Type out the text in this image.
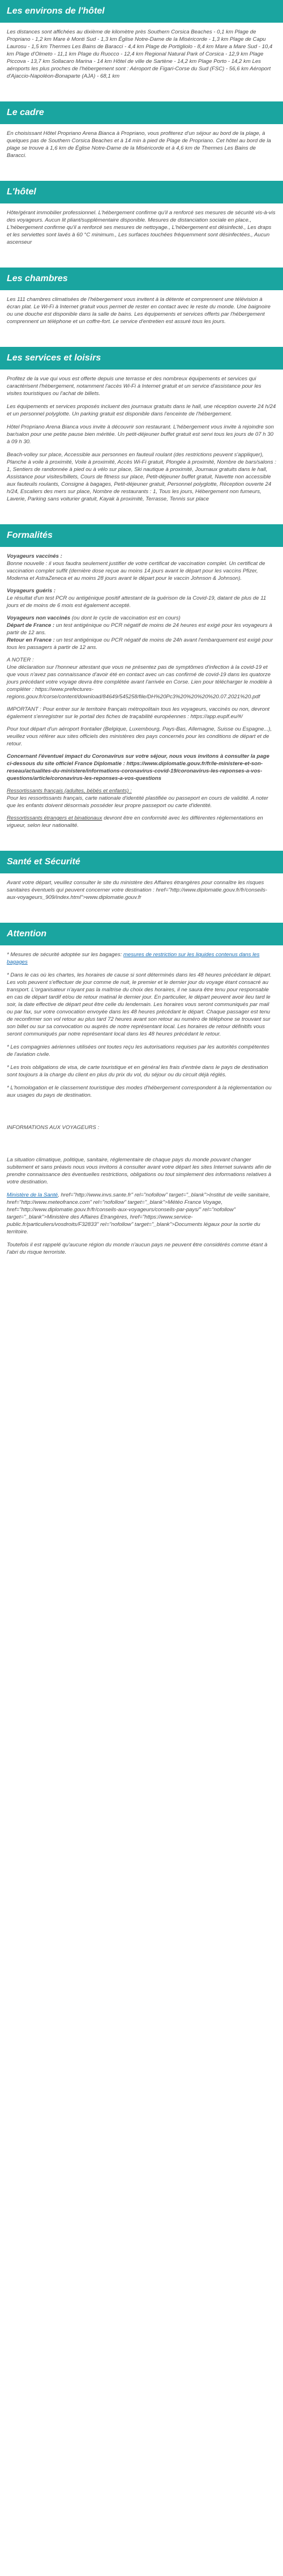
Les environs de l'hôtel

Les distances sont affichées au dixième de kilomètre près Southern Corsica Beaches - 0,1 km Plage de Propriano - 1,2 km Mare è Monti Sud - 1,3 km Église Notre-Dame de la Miséricorde - 1,3 km Plage de Capu Laurosu - 1,5 km Thermes Les Bains de Baracci - 4,4 km Plage de Portigliolo - 8,4 km Mare a Mare Sud - 10,4 km Plage d'Olmeto - 11,1 km Plage du Ruocco - 12,4 km Regional Natural Park of Corsica - 12,9 km Plage Piccova - 13,7 km Sollacaro Marina - 14 km Hôtel de ville de Sartène - 14,2 km Plage Porto - 14,2 km Les aéroports les plus proches de l'hébergement sont : Aéroport de Figari-Corse du Sud (FSC) - 56,6 km Aéroport d'Ajaccio-Napoléon-Bonaparte (AJA) - 68,1 km

Le cadre

En choisissant Hôtel Propriano Arena Bianca à Propriano, vous profiterez d'un séjour au bord de la plage, à quelques pas de Southern Corsica Beaches et à 14 min à pied de Plage de Propriano. Cet hôtel au bord de la plage se trouve à 1,6 km de Église Notre-Dame de la Miséricorde et à 4,6 km de Thermes Les Bains de Baracci.

L'hôtel

Hôte/gérant immobilier professionnel. L'hébergement confirme qu'il a renforcé ses mesures de sécurité vis-à-vis des voyageurs. Aucun lit pliant/supplémentaire disponible. Mesures de distanciation sociale en place., L'hébergement confirme qu'il a renforcé ses mesures de nettoyage., L'hébergement est désinfecté., Les draps et les serviettes sont lavés à 60 °C minimum., Les surfaces touchées fréquemment sont désinfectées., Aucun ascenseur

Les chambres

Les 111 chambres climatisées de l'hébergement vous invitent à la détente et comprennent une télévision à écran plat. Le Wi-Fi à Internet gratuit vous permet de rester en contact avec le reste du monde. Une baignoire ou une douche est disponible dans la salle de bains. Les équipements et services offerts par l'hébergement comprennent un téléphone et un coffre-fort. Le service d'entretien est assuré tous les jours.

Les services et loisirs

Profitez de la vue qui vous est offerte depuis une terrasse et des nombreux équipements et services qui caractérisent l'hébergement, notamment l'accès Wi-Fi à Internet gratuit et un service d'assistance pour les visites touristiques ou l'achat de billets.

Les équipements et services proposés incluent des journaux gratuits dans le hall, une réception ouverte 24 h/24 et un personnel polyglotte. Un parking gratuit est disponible dans l'enceinte de l'hébergement.

Hôtel Propriano Arena Bianca vous invite à découvrir son restaurant. L'hébergement vous invite à rejoindre son bar/salon pour une petite pause bien méritée. Un petit-déjeuner buffet gratuit est servi tous les jours de 07 h 30 à 09 h 30.

Beach-volley sur place, Accessible aux personnes en fauteuil roulant (des restrictions peuvent s'appliquer), Planche à voile à proximité, Voile à proximité, Accès Wi-Fi gratuit, Plongée à proximité, Nombre de bars/salons : 1, Sentiers de randonnée à pied ou à vélo sur place, Ski nautique à proximité, Journaux gratuits dans le hall, Assistance pour visites/billets, Cours de fitness sur place, Petit-déjeuner buffet gratuit, Navette non accessible aux fauteuils roulants, Consigne à bagages, Petit-déjeuner gratuit, Personnel polyglotte, Réception ouverte 24 h/24, Escaliers des mers sur place, Nombre de restaurants : 1, Tous les jours, Hébergement non fumeurs, Laverie, Parking sans voiturier gratuit, Kayak à proximité, Terrasse, Tennis sur place

Formalités
Voyageurs vaccinés :
Bonne nouvelle : il vous faudra seulement justifier de votre certificat de vaccination complet. Un certificat de vaccination complet suffit (dernière dose reçue au moins 14 jours avant le départ pour les vaccins Pfizer, Moderna et AstraZeneca et au moins 28 jours avant le départ pour le vaccin Johnson & Johnson).
Voyageurs guéris :
Le résultat d'un test PCR ou antigénique positif attestant de la guérison de la Covid-19, datant de plus de 11 jours et de moins de 6 mois est également accepté.
Voyageurs non vaccinés (ou dont le cycle de vaccination est en cours)
Départ de France : un test antigénique ou PCR négatif de moins de 24 heures est exigé pour les voyageurs à partir de 12 ans.
Retour en France : un test antigénique ou PCR négatif de moins de 24h avant l'embarquement est exigé pour tous les passagers à partir de 12 ans.
A NOTER :
Une déclaration sur l'honneur attestant que vous ne présentez pas de symptômes d'infection à la covid-19 et que vous n'avez pas connaissance d'avoir été en contact avec un cas confirmé de covid-19 dans les quatorze jours précédant votre voyage devra être complétée avant l'arrivée en Corse. Lien pour télécharger le modèle à compléter : https://www.prefectures-regions.gouv.fr/corse/content/download/84649/545258/file/DH%20Pc3%20%20%20%20.07.2021%20.pdf
IMPORTANT : Pour entrer sur le territoire français métropolitain tous les voyageurs, vaccinés ou non, devront également s'enregistrer sur le portail des fiches de traçabilité européennes : https://app.euplf.eu/#/
Pour tout départ d'un aéroport frontalier (Belgique, Luxembourg, Pays-Bas, Allemagne, Suisse ou Espagne...), veuillez vous référer aux sites officiels des ministères des pays concernés pour les conditions de départ et de retour.
Concernant l'éventuel impact du Coronavirus sur votre séjour, nous vous invitons à consulter la page ci-dessous du site officiel France Diplomatie : https://www.diplomatie.gouv.fr/fr/le-ministere-et-son-reseau/actualites-du-ministere/informations-coronavirus-covid-19/coronavirus-les-reponses-a-vos-questions/article/coronavirus-les-reponses-a-vos-questions
Ressortissants français (adultes, bébés et enfants) :
Pour les ressortissants français, carte nationale d'identité plastifiée ou passeport en cours de validité. A noter que les enfants doivent désormais posséder leur propre passeport ou carte d'identité.
Ressortissants étrangers et binationaux devront être en conformité avec les différentes réglementations en vigueur, selon leur nationalité.
Santé et Sécurité

Avant votre départ, veuillez consulter le site du ministère des Affaires étrangères pour connaître les risques sanitaires éventuels qui peuvent concerner votre destination : href="http://www.diplomatie.gouv.fr/fr/conseils-aux-voyageurs_909/index.html">www.diplomatie.gouv.fr

Attention

* Mesures de sécurité adoptée sur les bagages: mesures de restriction sur les liquides contenus dans les bagages

* Dans le cas où les chartes, les horaires de cause si sont déterminés dans les 48 heures précédant le départ. Les vols peuvent s'effectuer de jour comme de nuit, le premier et le dernier jour du voyage étant consacré au transport. L'organisateur n'ayant pas la maîtrise du choix des horaires, il ne saura être tenu pour responsable en cas de départ tardif et/ou de retour matinal le dernier jour. En particulier, le départ peuvent avoir lieu tard le soir, la date effective de départ peut être celle du lendemain. Les horaires vous seront communiqués par mail ou par fax, sur votre convocation envoyée dans les 48 heures précédant le départ. Chaque passager est tenu de reconfirmer son vol retour au plus tard 72 heures avant son retour au numéro de téléphone se trouvant sur son billet ou sur sa convocation ou auprès de notre représentant local. Les horaires de retour définitifs vous seront communiqués par notre représentant local dans les 48 heures précédant le retour.

* Les compagnies aériennes utilisées ont toutes reçu les autorisations requises par les autorités compétentes de l'aviation civile.

* Les trois obligations de visa, de carte touristique et en général les frais d'entrée dans le pays de destination sont toujours à la charge du client en plus du prix du vol, du séjour ou du circuit déjà réglés.

* L'homologation et le classement touristique des modes d'hébergement correspondent à la réglementation ou aux usages du pays de destination.

INFORMATIONS AUX VOYAGEURS :

La situation climatique, politique, sanitaire, réglementaire de chaque pays du monde pouvant changer subitement et sans préavis nous vous invitons à consulter avant votre départ les sites Internet suivants afin de prendre connaissance des éventuelles restrictions, obligations ou tout simplement des informations relatives à votre destination.

Ministère de la Santé, href="http://www.invs.sante.fr" rel="nofollow" target="_blank">Institut de veille sanitaire, href="http://www.meteofrance.com" rel="nofollow" target="_blank">Météo France Voyage, href="http://www.diplomatie.gouv.fr/fr/conseils-aux-voyageurs/conseils-par-pays/" rel="nofollow" target="_blank">Ministère des Affaires Etrangères, href="https://www.service-public.fr/particuliers/vosdroits/F32833" rel="nofollow" target="_blank">Documents légaux pour la sortie du territoire.

Toutefois il est rappelé qu'aucune région du monde n'aucun pays ne peuvent être considérés comme étant à l'abri du risque terroriste.
